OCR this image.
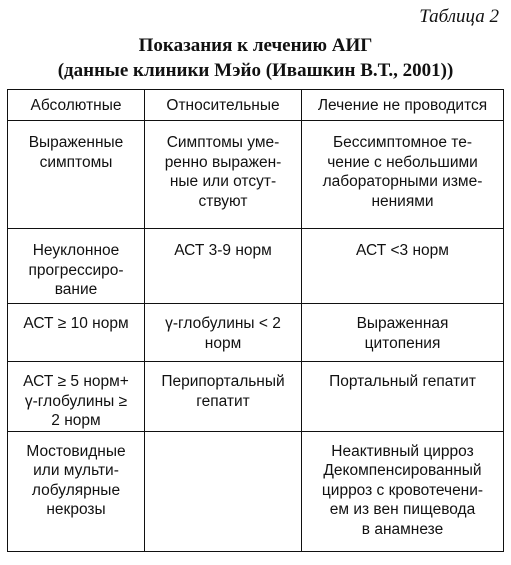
Таблица 2
Показания к лечению АИГ
(данные клиники Мэйо (Ивашкин В.Т., 2001))
Абсолютные	Относительные	Лечение не проводится

Выраженные
симптомы	Симптомы уме-
ренно выражен-
ные или отсут-
ствуют	Бессимптомное те-
чение с небольшими
лабораторными изме-
нениями

Неуклонное
прогрессиро-
вание	АСТ 3-9 норм	АСТ <3 норм

АСТ ≥ 10 норм	γ-глобулины < 2
норм	Выраженная
цитопения

АСТ ≥ 5 норм+
γ-глобулины ≥
2 норм	Перипортальный
гепатит	Портальный гепатит

Мостовидные
или мульти-
лобулярные
некрозы		Неактивный цирроз
Декомпенсированный
цирроз с кровотечени-
ем из вен пищевода
в анамнезе
